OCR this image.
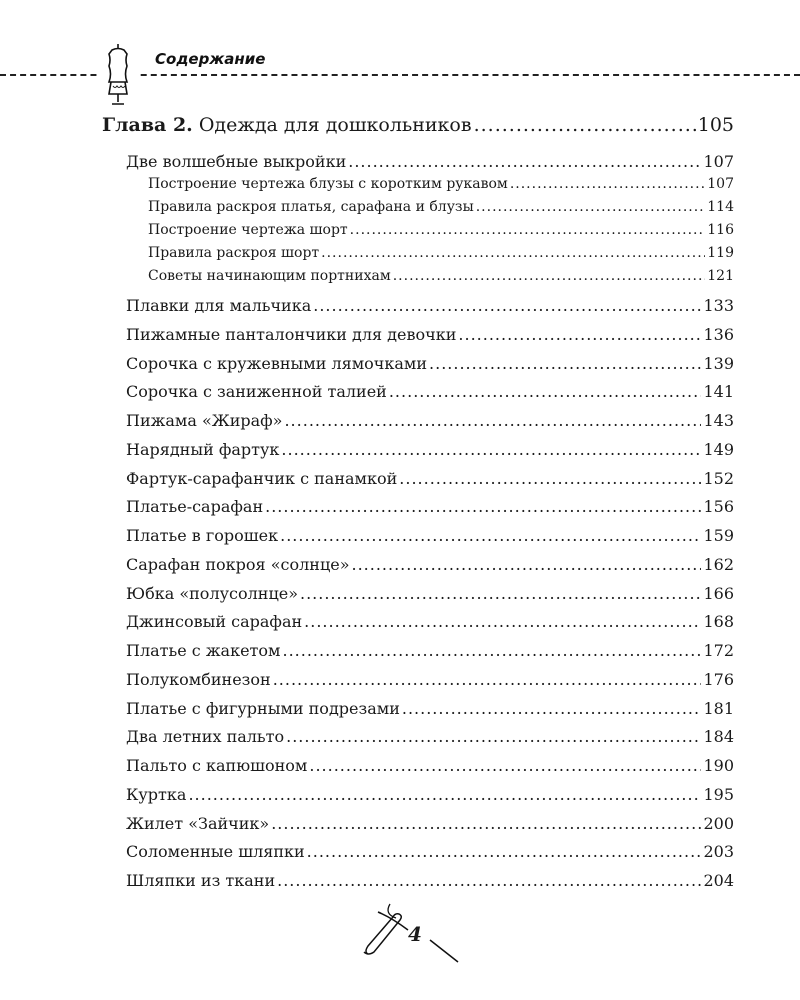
Содержание
Глава 2. Одежда для дошкольников .....	105
Две волшебные выкройки .....	107
Построение чертежа блузы с коротким рукавом .....	107
Правила раскроя платья, сарафана и блузы .....	114
Построение чертежа шорт .....	116
Правила раскроя шорт .....	119
Советы начинающим портнихам .....	121
Плавки для мальчика .....	133
Пижамные панталончики для девочки .....	136
Сорочка с кружевными лямочками .....	139
Сорочка с заниженной талией .....	141
Пижама «Жираф» .....	143
Нарядный фартук .....	149
Фартук-сарафанчик с панамкой .....	152
Платье-сарафан .....	156
Платье в горошек .....	159
Сарафан покроя «солнце» .....	162
Юбка «полусолнце» .....	166
Джинсовый сарафан .....	168
Платье с жакетом .....	172
Полукомбинезон .....	176
Платье с фигурными подрезами .....	181
Два летних пальто .....	184
Пальто с капюшоном .....	190
Куртка .....	195
Жилет «Зайчик» .....	200
Соломенные шляпки .....	203
Шляпки из ткани .....	204
4
